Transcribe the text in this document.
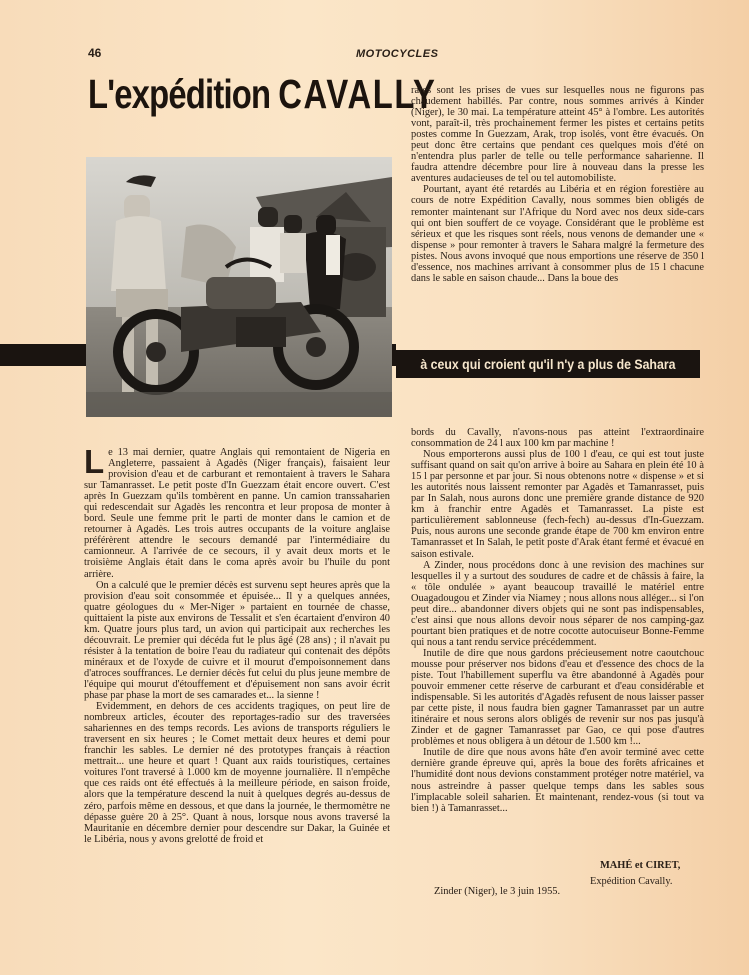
46	MOTOCYCLES
L'expédition CAVALLY

rares sont les prises de vues sur lesquelles nous ne figurons pas chaudement habillés. Par contre, nous sommes arrivés à Kinder (Niger), le 30 mai. La température atteint 45° à l'ombre. Les autorités vont, paraît-il, très prochainement fermer les pistes et certains petits postes comme In Guezzam, Arak, trop isolés, vont être évacués. On peut donc être certains que pendant ces quelques mois d'été on n'entendra plus parler de telle ou telle performance saharienne. Il faudra attendre décembre pour lire à nouveau dans la presse les aventures audacieuses de tel ou tel automobiliste.

Pourtant, ayant été retardés au Libéria et en région forestière au cours de notre Expédition Cavally, nous sommes bien obligés de remonter maintenant sur l'Afrique du Nord avec nos deux side-cars qui ont bien souffert de ce voyage. Considérant que le problème est sérieux et que les risques sont réels, nous venons de demander une « dispense » pour remonter à travers le Sahara malgré la fermeture des pistes. Nous avons invoqué que nous emportions une réserve de 350 l d'essence, nos machines arrivant à consommer plus de 15 l chacune dans le sable en saison chaude... Dans la boue des

à ceux qui croient qu'il n'y a plus de Sahara

Le 13 mai dernier, quatre Anglais qui remontaient de Nigeria en Angleterre, passaient à Agadès (Niger français), faisaient leur provision d'eau et de carburant et remontaient à travers le Sahara sur Tamanrasset. Le petit poste d'In Guezzam était encore ouvert. C'est après In Guezzam qu'ils tombèrent en panne. Un camion transsaharien qui redescendait sur Agadès les rencontra et leur proposa de monter à bord. Seule une femme prit le parti de monter dans le camion et de retourner à Agadès. Les trois autres occupants de la voiture anglaise préférèrent attendre le secours demandé par l'intermédiaire du camionneur. A l'arrivée de ce secours, il y avait deux morts et le troisième Anglais était dans le coma après avoir bu l'huile du pont arrière.

On a calculé que le premier décès est survenu sept heures après que la provision d'eau soit consommée et épuisée... Il y a quelques années, quatre géologues du « Mer-Niger » partaient en tournée de chasse, quittaient la piste aux environs de Tessalit et s'en écartaient d'environ 40 km. Quatre jours plus tard, un avion qui participait aux recherches les découvrait. Le premier qui décéda fut le plus âgé (28 ans) ; il n'avait pu résister à la tentation de boire l'eau du radiateur qui contenait des dépôts minéraux et de l'oxyde de cuivre et il mourut d'empoisonnement dans d'atroces souffrances. Le dernier décès fut celui du plus jeune membre de l'équipe qui mourut d'étouffement et d'épuisement non sans avoir écrit phase par phase la mort de ses camarades et... la sienne !

Evidemment, en dehors de ces accidents tragiques, on peut lire de nombreux articles, écouter des reportages-radio sur des traversées sahariennes en des temps records. Les avions de transports réguliers le traversent en six heures ; le Comet mettait deux heures et demi pour franchir les sables. Le dernier né des prototypes français à réaction mettrait... une heure et quart ! Quant aux raids touristiques, certaines voitures l'ont traversé à 1.000 km de moyenne journalière. Il n'empêche que ces raids ont été effectués à la meilleure période, en saison froide, alors que la température descend la nuit à quelques degrés au-dessus de zéro, parfois même en dessous, et que dans la journée, le thermomètre ne dépasse guère 20 à 25°. Quant à nous, lorsque nous avons traversé la Mauritanie en décembre dernier pour descendre sur Dakar, la Guinée et le Libéria, nous y avons grelotté de froid et

bords du Cavally, n'avons-nous pas atteint l'extraordinaire consommation de 24 l aux 100 km par machine !

Nous emporterons aussi plus de 100 l d'eau, ce qui est tout juste suffisant quand on sait qu'on arrive à boire au Sahara en plein été 10 à 15 l par personne et par jour. Si nous obtenons notre « dispense » et si les autorités nous laissent remonter par Agadès et Tamanrasset, puis par In Salah, nous aurons donc une première grande distance de 920 km à franchir entre Agadès et Tamanrasset. La piste est particulièrement sablonneuse (fech-fech) au-dessus d'In-Guezzam. Puis, nous aurons une seconde grande étape de 700 km environ entre Tamanrasset et In Salah, le petit poste d'Arak étant fermé et évacué en saison estivale.

A Zinder, nous procédons donc à une revision des machines sur lesquelles il y a surtout des soudures de cadre et de châssis à faire, la « tôle ondulée » ayant beaucoup travaillé le matériel entre Ouagadougou et Zinder via Niamey ; nous allons nous alléger... si l'on peut dire... abandonner divers objets qui ne sont pas indispensables, c'est ainsi que nous allons devoir nous séparer de nos camping-gaz pourtant bien pratiques et de notre cocotte autocuiseur Bonne-Femme qui nous a tant rendu service précédemment.

Inutile de dire que nous gardons précieusement notre caoutchouc mousse pour préserver nos bidons d'eau et d'essence des chocs de la piste. Tout l'habillement superflu va être abandonné à Agadès pour pouvoir emmener cette réserve de carburant et d'eau considérable et indispensable. Si les autorités d'Agadès refusent de nous laisser passer par cette piste, il nous faudra bien gagner Tamanrasset par un autre itinéraire et nous serons alors obligés de revenir sur nos pas jusqu'à Zinder et de gagner Tamanrasset par Gao, ce qui pose d'autres problèmes et nous obligera à un détour de 1.500 km !...

Inutile de dire que nous avons hâte d'en avoir terminé avec cette dernière grande épreuve qui, après la boue des forêts africaines et l'humidité dont nous devions constamment protéger notre matériel, va nous astreindre à passer quelque temps dans les sables sous l'implacable soleil saharien. Et maintenant, rendez-vous (si tout va bien !) à Tamanrasset...

MAHÉ et CIRET,
Expédition Cavally.
Zinder (Niger), le 3 juin 1955.
